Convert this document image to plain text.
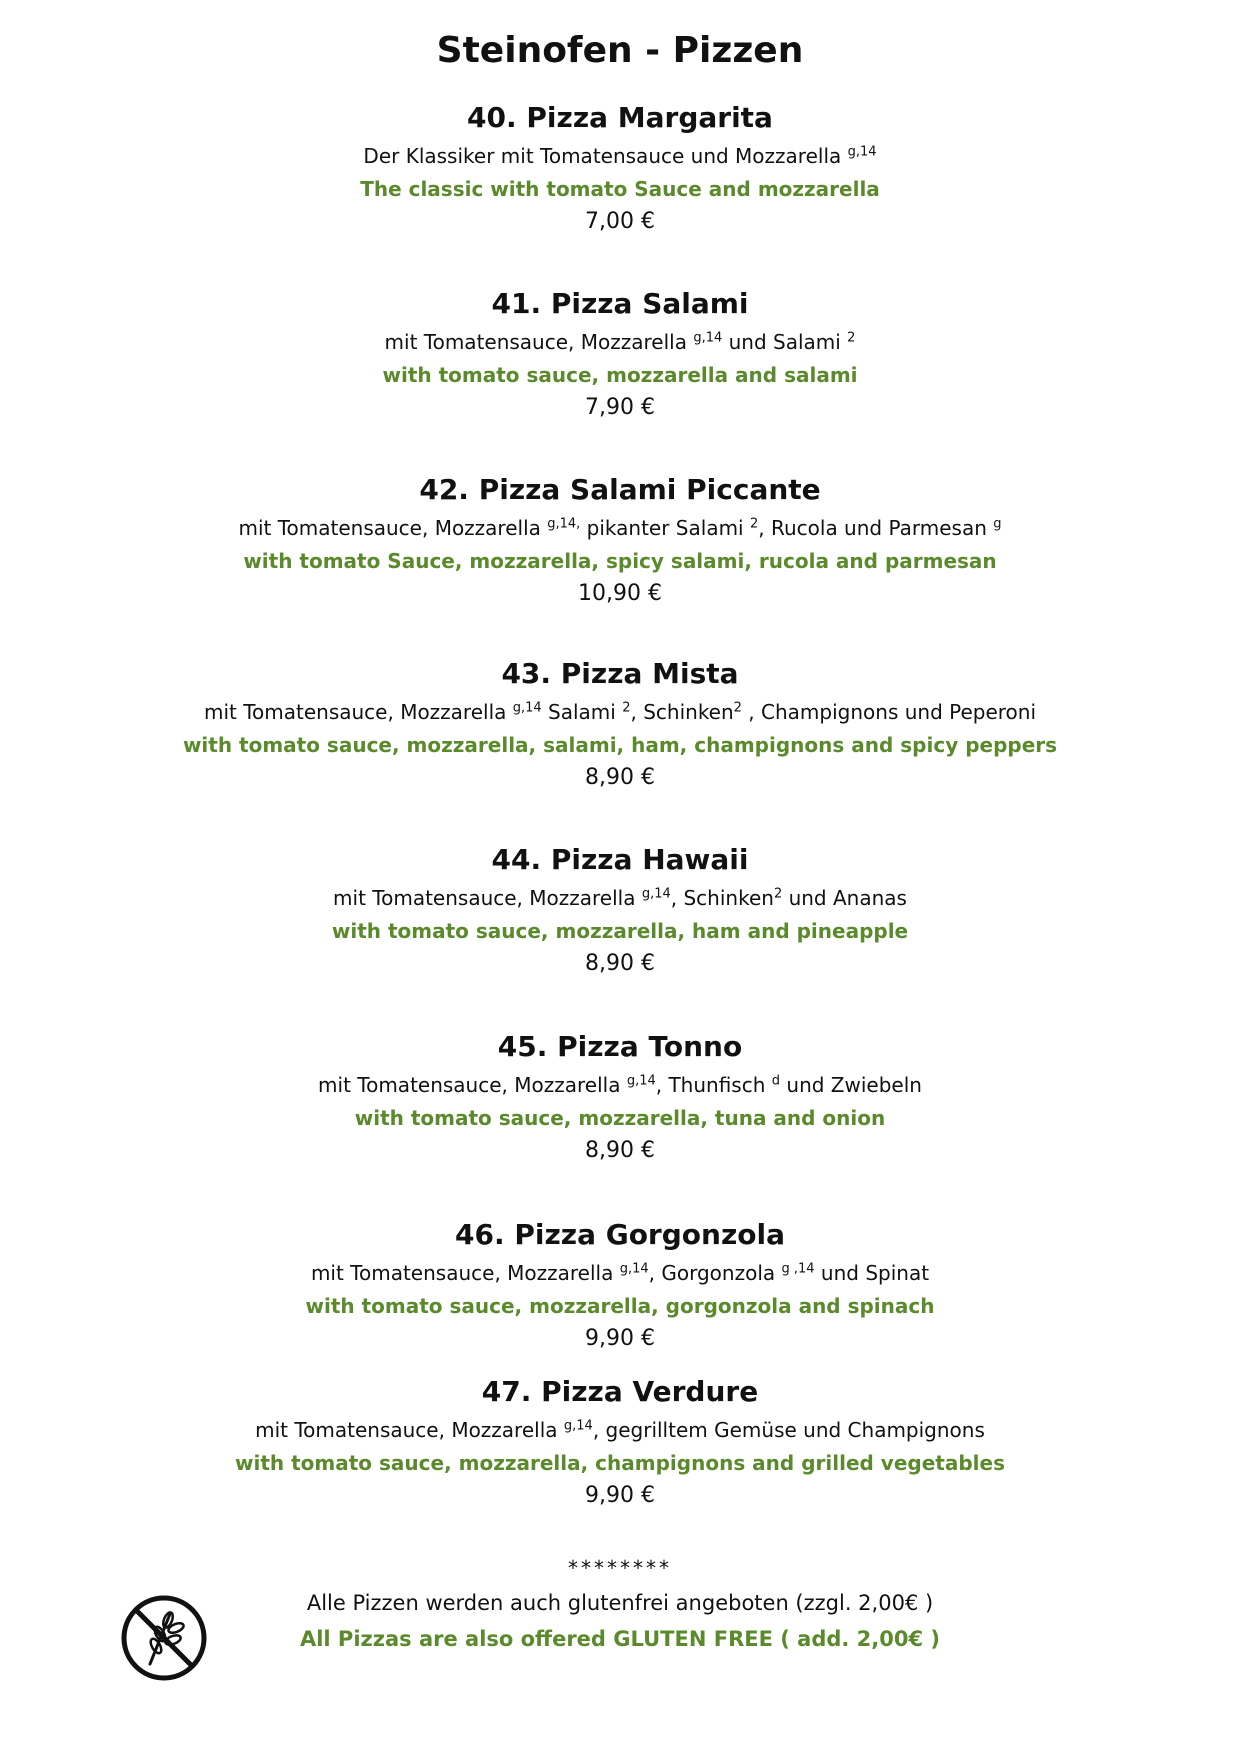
Steinofen - Pizzen

40. Pizza Margarita

Der Klassiker mit Tomatensauce und Mozzarella $^{g,14}$

The classic with tomato Sauce and mozzarella

7,00 €

41. Pizza Salami

mit Tomatensauce, Mozzarella $^{g,14}$ und Salami $^2$

with tomato sauce, mozzarella and salami

7,90 €

42. Pizza Salami Piccante

mit Tomatensauce, Mozzarella $^{g,14,}$ pikanter Salami $^2$, Rucola und Parmesan $^g$

with tomato Sauce, mozzarella, spicy salami, rucola and parmesan

10,90 €

43. Pizza Mista

mit Tomatensauce, Mozzarella $^{g,14}$ Salami $^2$, Schinken$^2$ , Champignons und Peperoni

with tomato sauce, mozzarella, salami, ham, champignons and spicy peppers

8,90 €

44. Pizza Hawaii

mit Tomatensauce, Mozzarella $^{g,14}$, Schinken$^2$ und Ananas

with tomato sauce, mozzarella, ham and pineapple

8,90 €

45. Pizza Tonno

mit Tomatensauce, Mozzarella $^{g,14}$, Thunfisch $^d$ und Zwiebeln

with tomato sauce, mozzarella, tuna and onion

8,90 €

46. Pizza Gorgonzola

mit Tomatensauce, Mozzarella $^{g,14}$, Gorgonzola $^{g ,14}$ und Spinat

with tomato sauce, mozzarella, gorgonzola and spinach

9,90 €

47. Pizza Verdure

mit Tomatensauce, Mozzarella $^{g,14}$, gegrilltem Gemüse und Champignons

with tomato sauce, mozzarella, champignons and grilled vegetables

9,90 €

********
Alle Pizzen werden auch glutenfrei angeboten (zzgl. 2,00€ )
All Pizzas are also offered GLUTEN FREE ( add. 2,00€ )
